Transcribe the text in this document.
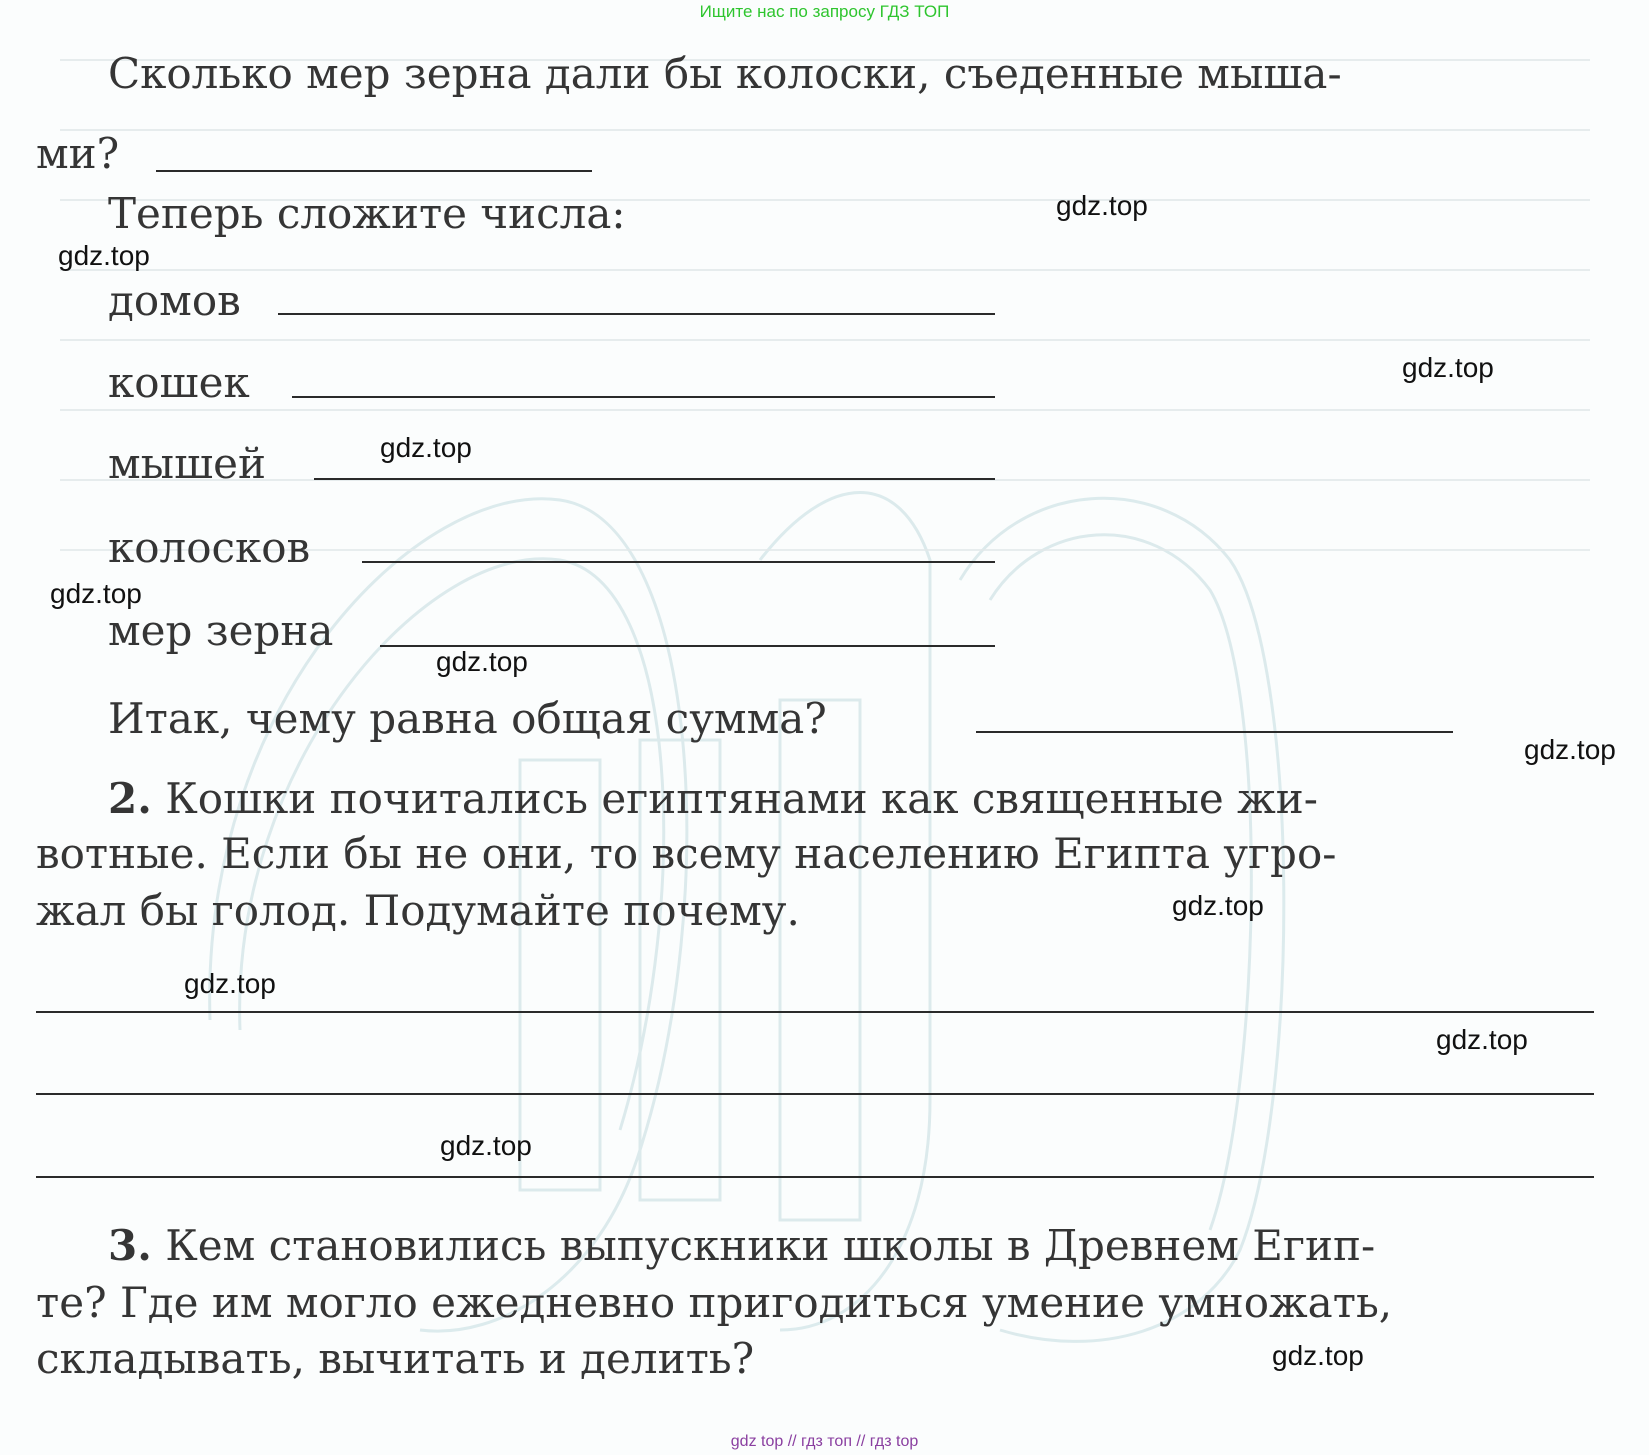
Ищите нас по запросу ГДЗ ТОП
Сколько мер зерна дали бы колоски, съеденные мыша-
ми?
Теперь сложите числа:
домов
кошек
мышей
колосков
мер зерна
Итак, чему равна общая сумма?
2. Кошки почитались египтянами как священные жи-
вотные. Если бы не они, то всему населению Египта угро-
жал бы голод. Подумайте почему.
3. Кем становились выпускники школы в Древнем Егип-
те? Где им могло ежедневно пригодиться умение умножать,
складывать, вычитать и делить?
gdz.top
gdz.top
gdz.top
gdz.top
gdz.top
gdz.top
gdz.top
gdz.top
gdz.top
gdz.top
gdz.top
gdz.top
gdz top // гдз топ // гдз top
